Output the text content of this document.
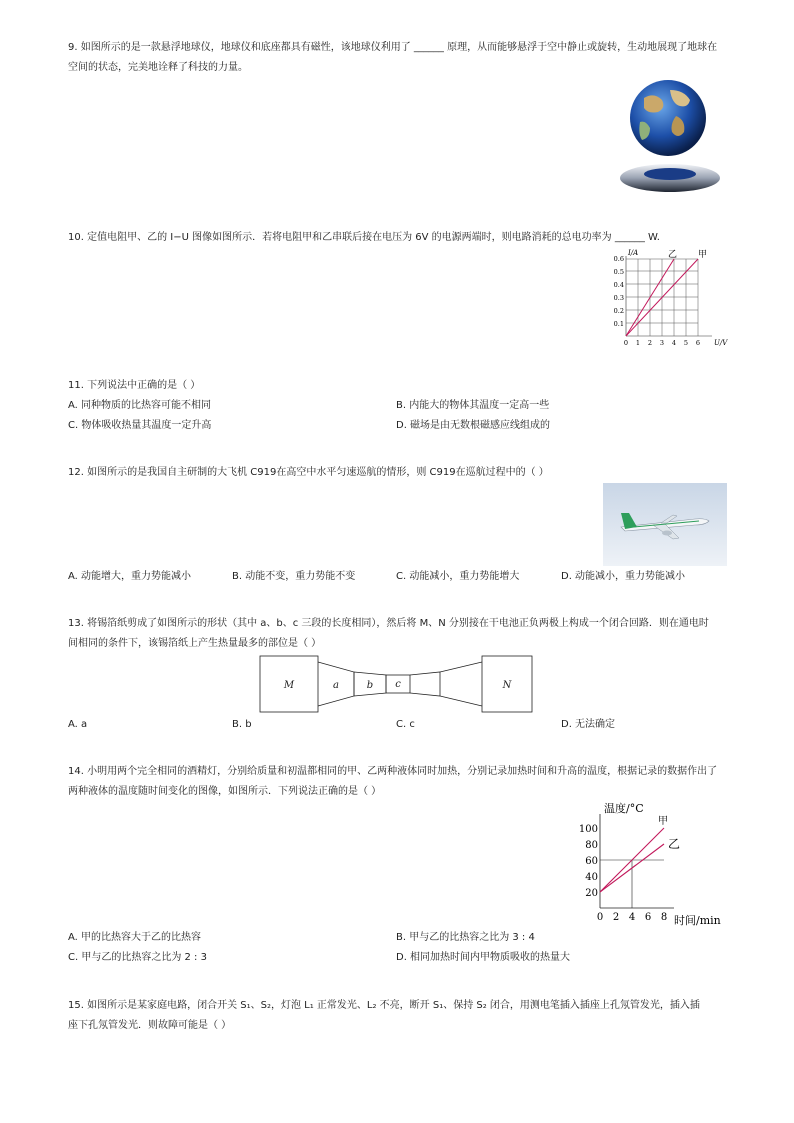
9. 如图所示的是一款悬浮地球仪，地球仪和底座都具有磁性，该地球仪利用了 ______ 原理，从而能够悬浮于空中静止或旋转，生动地展现了地球在
空间的状态，完美地诠释了科技的力量。
10. 定值电阻甲、乙的 I−U 图像如图所示．若将电阻甲和乙串联后接在电压为 6V 的电源两端时，则电路消耗的总电功率为 ______ W.
I/A
U/V
0.6
0.5
0.4
0.3
0.2
0.1
0 1 2 3 4 5 6
乙 甲
11. 下列说法中正确的是（ ）
A. 同种物质的比热容可能不相同	B. 内能大的物体其温度一定高一些
C. 物体吸收热量其温度一定升高	D. 磁场是由无数根磁感应线组成的
12. 如图所示的是我国自主研制的大飞机 C919在高空中水平匀速巡航的情形，则 C919在巡航过程中的（ ）
A. 动能增大，重力势能减小	B. 动能不变，重力势能不变	C. 动能减小，重力势能增大	D. 动能减小，重力势能减小
13. 将锡箔纸剪成了如图所示的形状（其中 a、b、c 三段的长度相同），然后将 M、N 分别接在干电池正负两极上构成一个闭合回路．则在通电时
间相同的条件下，该锡箔纸上产生热量最多的部位是（ ）
M	a	b c	N
A. a	B. b	C. c	D. 无法确定
14. 小明用两个完全相同的酒精灯，分别给质量和初温都相同的甲、乙两种液体同时加热，分别记录加热时间和升高的温度，根据记录的数据作出了
两种液体的温度随时间变化的图像，如图所示．下列说法正确的是（ ）
温度/°C
时间/min
100
80
60
40
20
0 2 4 6 8
甲
乙
A. 甲的比热容大于乙的比热容	B. 甲与乙的比热容之比为 3 : 4
C. 甲与乙的比热容之比为 2 : 3	D. 相同加热时间内甲物质吸收的热量大
15. 如图所示是某家庭电路，闭合开关 S₁、S₂，灯泡 L₁ 正常发光、L₂ 不亮，断开 S₁、保持 S₂ 闭合，用测电笔插入插座上孔氖管发光，插入插
座下孔氖管发光．则故障可能是（ ）
